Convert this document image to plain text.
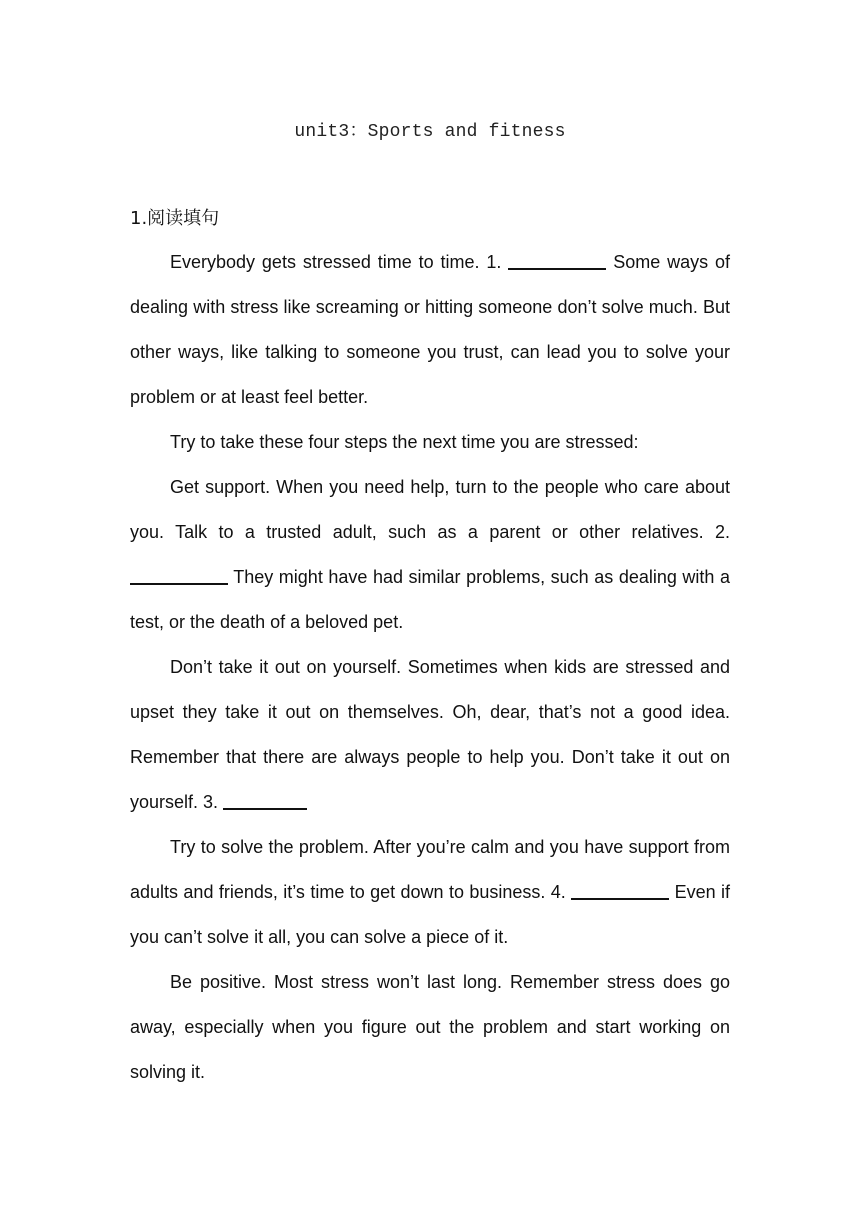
unit3：Sports and fitness
1.阅读填句

Everybody gets stressed time to time. 1.	Some ways of dealing with stress like screaming or hitting someone don’t solve much. But other ways, like talking to someone you trust, can lead you to solve your problem or at least feel better.

Try to take these four steps the next time you are stressed:

Get support. When you need help, turn to the people who care about you. Talk to a trusted adult, such as a parent or other relatives. 2.  They might have had similar problems, such as dealing with a test, or the death of a beloved pet.

Don’t take it out on yourself. Sometimes when kids are stressed and upset they take it out on themselves. Oh, dear, that’s not a good idea. Remember that there are always people to help you. Don’t take it out on yourself. 3.

Try to solve the problem. After you’re calm and you have support from adults and friends, it’s time to get down to business. 4.	Even if you can’t solve it all, you can solve a piece of it.

Be positive. Most stress won’t last long. Remember stress does go away, especially when you figure out the problem and start working on solving it.
